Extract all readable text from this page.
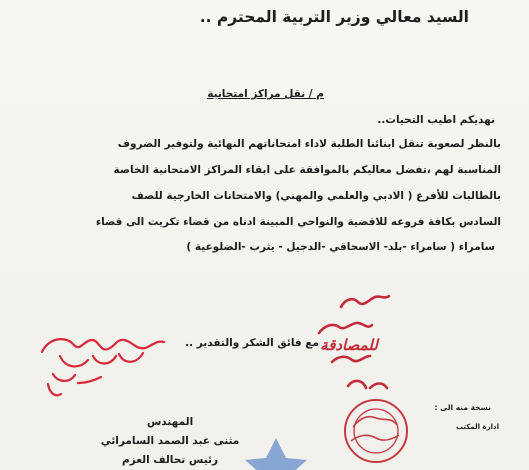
السيد معالي وزير التربية المحترم ..
م / نقل مراكز امتحانية
نهديكم اطيب التحيات..
بالنظر لصعوبة تنقل ابنائنا الطلبة لاداء امتحاناتهم النهائية ولتوفير الضروف
المناسبة لهم ،تفضل معاليكم بالموافقة على ابقاء المراكز الامتحانية الخاصة
بالطالبات للأفرع ( الادبي والعلمي والمهني) والامتحانات الخارجية للصف
السادس بكافة فروعه للاقضية والنواحي المبينة ادناه من قضاء تكريت الى قضاء
سامراء ( سامراء -بلد- الاسحاقي -الدجيل - يثرب -الضلوعية )
مع فائق الشكر والتقدير ..
المهندس
مثنى عبد الصمد السامرائي
رئيس تحالف العزم
نسخة منه الى :
ادارة المكتب
للمصادقة
